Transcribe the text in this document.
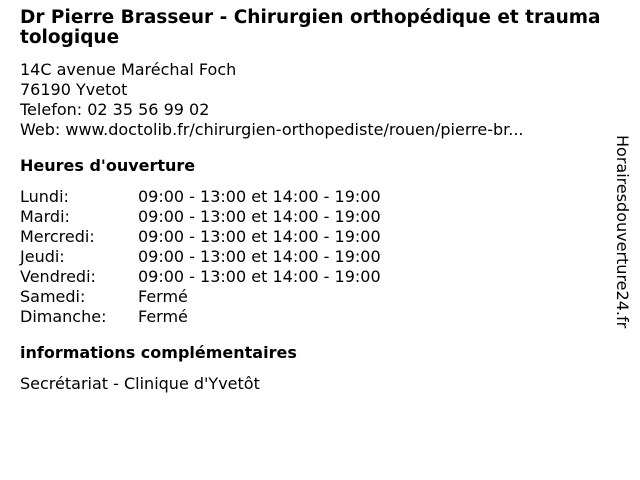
Dr Pierre Brasseur - Chirurgien orthopédique et traumatologique
14C avenue Maréchal Foch
76190 Yvetot
Telefon: 02 35 56 99 02
Web: www.doctolib.fr/chirurgien-orthopediste/rouen/pierre-br...
Heures d'ouverture
Lundi:	09:00 - 13:00 et 14:00 - 19:00
Mardi:	09:00 - 13:00 et 14:00 - 19:00
Mercredi:	09:00 - 13:00 et 14:00 - 19:00
Jeudi:	09:00 - 13:00 et 14:00 - 19:00
Vendredi:	09:00 - 13:00 et 14:00 - 19:00
Samedi:	Fermé
Dimanche:	Fermé
informations complémentaires
Secrétariat - Clinique d'Yvetôt
Horairesdouverture24.fr
